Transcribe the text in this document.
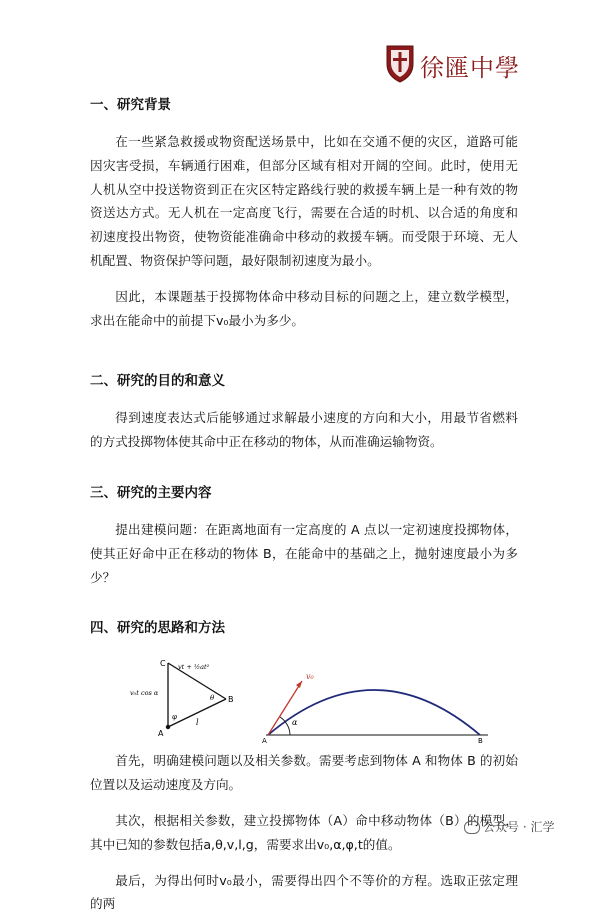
徐匯中學
一、研究背景

在一些紧急救援或物资配送场景中，比如在交通不便的灾区，道路可能因灾害受损，车辆通行困难，但部分区域有相对开阔的空间。此时，使用无人机从空中投送物资到正在灾区特定路线行驶的救援车辆上是一种有效的物资送达方式。无人机在一定高度飞行，需要在合适的时机、以合适的角度和初速度投出物资，使物资能准确命中移动的救援车辆。而受限于环境、无人机配置、物资保护等问题，最好限制初速度为最小。

因此，本课题基于投掷物体命中移动目标的问题之上，建立数学模型，求出在能命中的前提下v₀最小为多少。

二、研究的目的和意义

得到速度表达式后能够通过求解最小速度的方向和大小，用最节省燃料的方式投掷物体使其命中正在移动的物体，从而准确运输物资。

三、研究的主要内容

提出建模问题：在距离地面有一定高度的 A 点以一定初速度投掷物体，使其正好命中正在移动的物体 B，在能命中的基础之上，抛射速度最小为多少？

四、研究的思路和方法
C
A
B
vt + ½at²
v₀t cos α
l
θ
φ
v₀
α
A	B

首先，明确建模问题以及相关参数。需要考虑到物体 A 和物体 B 的初始位置以及运动速度及方向。

其次，根据相关参数，建立投掷物体（A）命中移动物体（B）的模型，其中已知的参数包括a,θ,v,l,g，需要求出v₀,α,φ,t的值。

最后，为得出何时v₀最小，需要得出四个不等价的方程。选取正弦定理的两

公众号 · 汇学
